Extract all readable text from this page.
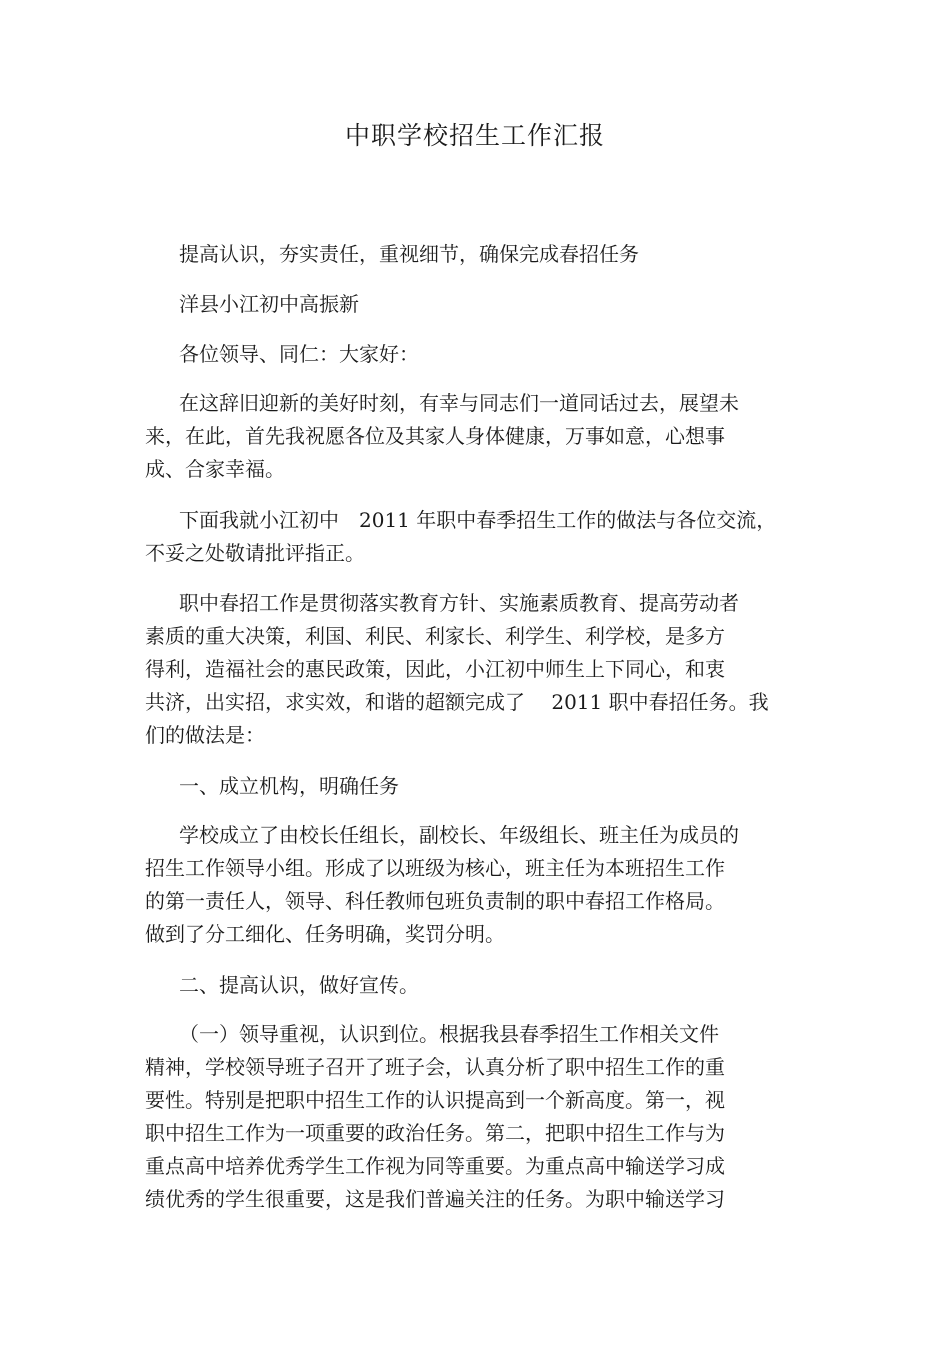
中职学校招生工作汇报
提高认识，夯实责任，重视细节，确保完成春招任务
洋县小江初中高振新
各位领导、同仁：大家好：
在这辞旧迎新的美好时刻，有幸与同志们一道同话过去，展望未
来，在此，首先我祝愿各位及其家人身体健康，万事如意，心想事
成、合家幸福。
下面我就小江初中　2011 年职中春季招生工作的做法与各位交流，
不妥之处敬请批评指正。
职中春招工作是贯彻落实教育方针、实施素质教育、提高劳动者
素质的重大决策，利国、利民、利家长、利学生、利学校，是多方
得利，造福社会的惠民政策，因此，小江初中师生上下同心，和衷
共济，出实招，求实效，和谐的超额完成了　 2011 职中春招任务。我
们的做法是：
一、成立机构，明确任务
学校成立了由校长任组长，副校长、年级组长、班主任为成员的
招生工作领导小组。形成了以班级为核心，班主任为本班招生工作
的第一责任人，领导、科任教师包班负责制的职中春招工作格局。
做到了分工细化、任务明确，奖罚分明。
二、提高认识，做好宣传。
（一）领导重视，认识到位。根据我县春季招生工作相关文件
精神，学校领导班子召开了班子会，认真分析了职中招生工作的重
要性。特别是把职中招生工作的认识提高到一个新高度。第一，视
职中招生工作为一项重要的政治任务。第二，把职中招生工作与为
重点高中培养优秀学生工作视为同等重要。为重点高中输送学习成
绩优秀的学生很重要，这是我们普遍关注的任务。为职中输送学习
